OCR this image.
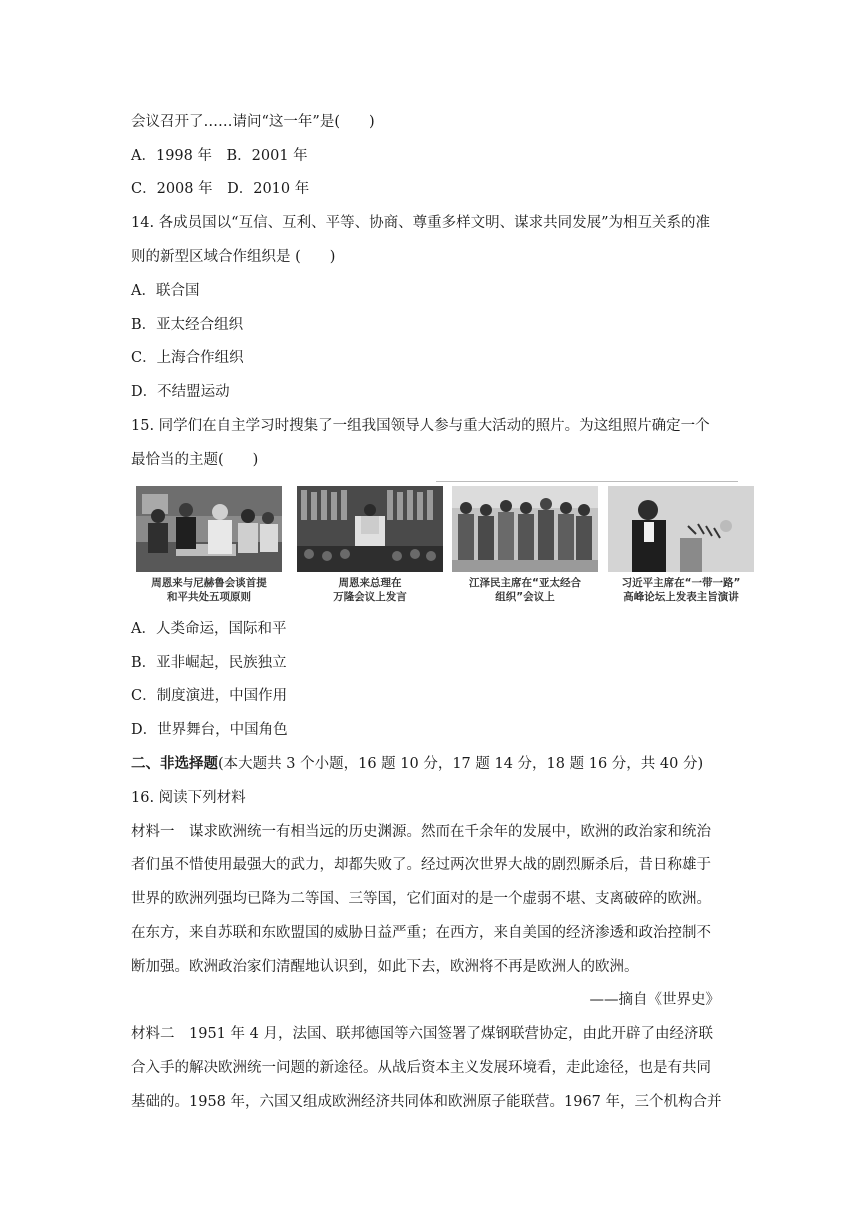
会议召开了……请问“这一年”是(　　)
A．1998 年　B．2001 年
C．2008 年　D．2010 年
14. 各成员国以“互信、互利、平等、协商、尊重多样文明、谋求共同发展”为相互关系的准
则的新型区域合作组织是 (　　)
A．联合国
B．亚太经合组织
C．上海合作组织
D．不结盟运动
15. 同学们在自主学习时搜集了一组我国领导人参与重大活动的照片。为这组照片确定一个
最恰当的主题(　　)
周恩来与尼赫鲁会谈首提
和平共处五项原则
周恩来总理在
万隆会议上发言
江泽民主席在“亚太经合
组织”会议上
习近平主席在“一带一路”
高峰论坛上发表主旨演讲
A．人类命运，国际和平
B．亚非崛起，民族独立
C．制度演进，中国作用
D．世界舞台，中国角色
二、非选择题(本大题共 3 个小题，16 题 10 分，17 题 14 分，18 题 16 分，共 40 分)
16. 阅读下列材料
材料一　谋求欧洲统一有相当远的历史渊源。然而在千余年的发展中，欧洲的政治家和统治
者们虽不惜使用最强大的武力，却都失败了。经过两次世界大战的剧烈厮杀后，昔日称雄于
世界的欧洲列强均已降为二等国、三等国，它们面对的是一个虚弱不堪、支离破碎的欧洲。
在东方，来自苏联和东欧盟国的威胁日益严重；在西方，来自美国的经济渗透和政治控制不
断加强。欧洲政治家们清醒地认识到，如此下去，欧洲将不再是欧洲人的欧洲。
——摘自《世界史》
材料二　1951 年 4 月，法国、联邦德国等六国签署了煤钢联营协定，由此开辟了由经济联
合入手的解决欧洲统一问题的新途径。从战后资本主义发展环境看，走此途径，也是有共同
基础的。1958 年，六国又组成欧洲经济共同体和欧洲原子能联营。1967 年，三个机构合并
